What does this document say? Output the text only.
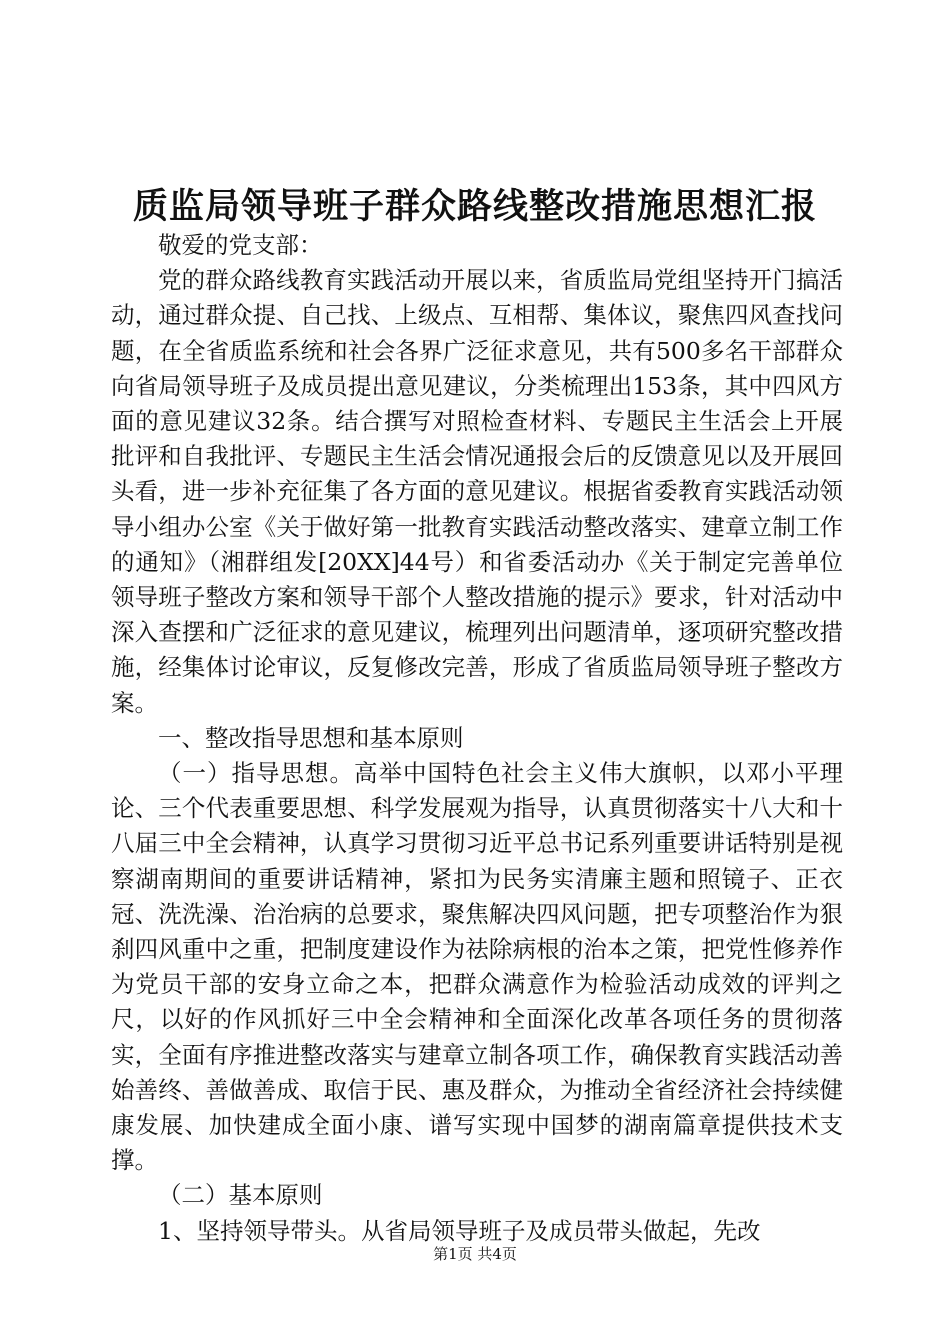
质监局领导班子群众路线整改措施思想汇报

敬爱的党支部：

党的群众路线教育实践活动开展以来，省质监局党组坚持开门搞活动，通过群众提、自己找、上级点、互相帮、集体议，聚焦四风查找问题，在全省质监系统和社会各界广泛征求意见，共有500多名干部群众向省局领导班子及成员提出意见建议，分类梳理出153条，其中四风方面的意见建议32条。结合撰写对照检查材料、专题民主生活会上开展批评和自我批评、专题民主生活会情况通报会后的反馈意见以及开展回头看，进一步补充征集了各方面的意见建议。根据省委教育实践活动领导小组办公室《关于做好第一批教育实践活动整改落实、建章立制工作的通知》（湘群组发[20XX]44号）和省委活动办《关于制定完善单位领导班子整改方案和领导干部个人整改措施的提示》要求，针对活动中深入查摆和广泛征求的意见建议，梳理列出问题清单，逐项研究整改措施，经集体讨论审议，反复修改完善，形成了省质监局领导班子整改方案。

一、整改指导思想和基本原则

（一）指导思想。高举中国特色社会主义伟大旗帜，以邓小平理论、三个代表重要思想、科学发展观为指导，认真贯彻落实十八大和十八届三中全会精神，认真学习贯彻习近平总书记系列重要讲话特别是视察湖南期间的重要讲话精神，紧扣为民务实清廉主题和照镜子、正衣冠、洗洗澡、治治病的总要求，聚焦解决四风问题，把专项整治作为狠刹四风重中之重，把制度建设作为祛除病根的治本之策，把党性修养作为党员干部的安身立命之本，把群众满意作为检验活动成效的评判之尺，以好的作风抓好三中全会精神和全面深化改革各项任务的贯彻落实，全面有序推进整改落实与建章立制各项工作，确保教育实践活动善始善终、善做善成、取信于民、惠及群众，为推动全省经济社会持续健康发展、加快建成全面小康、谱写实现中国梦的湖南篇章提供技术支撑。

（二）基本原则

1、坚持领导带头。从省局领导班子及成员带头做起，先改

第1页 共4页
